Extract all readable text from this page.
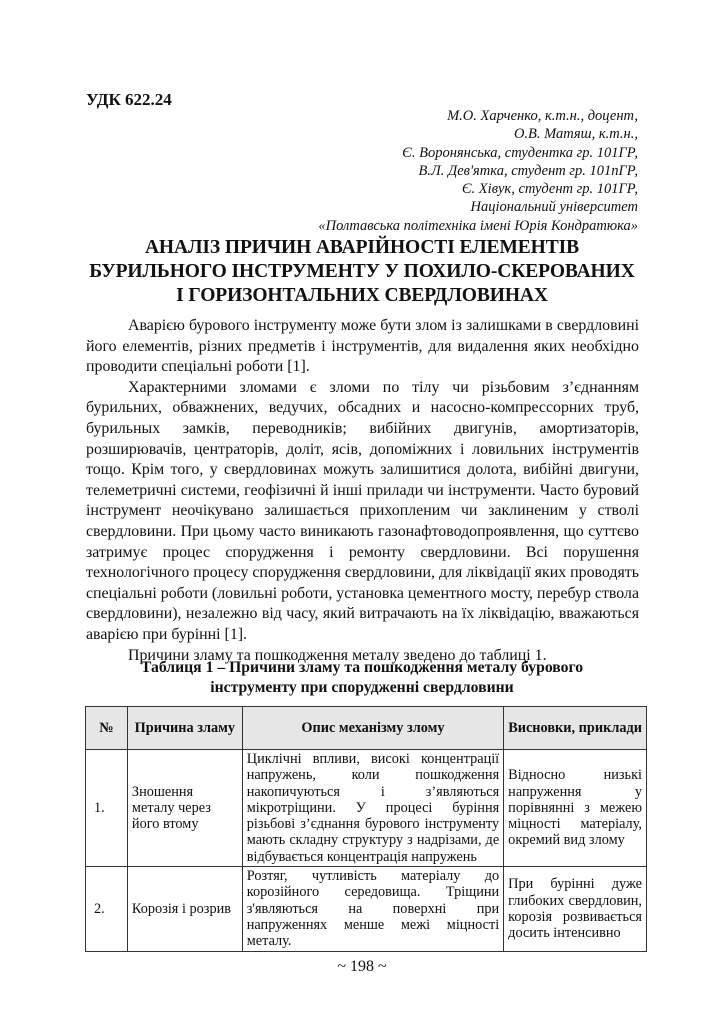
УДК 622.24
М.О. Харченко, к.т.н., доцент,
О.В. Матяш, к.т.н.,
Є. Воронянська, студентка гр. 101ГР,
В.Л. Дев'ятка, студент гр. 101пГР,
Є. Хівук, студент гр. 101ГР,
Національний університет
«Полтавська політехніка імені Юрія Кондратюка»
АНАЛІЗ ПРИЧИН АВАРІЙНОСТІ ЕЛЕМЕНТІВ БУРИЛЬНОГО ІНСТРУМЕНТУ У ПОХИЛО-СКЕРОВАНИХ І ГОРИЗОНТАЛЬНИХ СВЕРДЛОВИНАХ

Аварією бурового інструменту може бути злом із залишками в свердловині його елементів, різних предметів і інструментів, для видалення яких необхідно проводити спеціальні роботи [1].

Характерними зломами є зломи по тілу чи різьбовим з’єднанням бурильних, обважнених, ведучих, обсадних и насосно-компрессорних труб, бурильных замків, переводників; вибійних двигунів, амортизаторів, розширювачів, центраторів, доліт, ясів, допоміжних і ловильних інструментів тощо. Крім того, у свердловинах можуть залишитися долота, вибійні двигуни, телеметричні системи, геофізичні й інші прилади чи інструменти. Часто буровий інструмент неочікувано залишається прихопленим чи заклиненим у стволі свердловини. При цьому часто виникають газонафтоводопроявлення, що суттєво затримує процес спорудження і ремонту свердловини. Всі порушення технологічного процесу спорудження свердловини, для ліквідації яких проводять спеціальні роботи (ловильні роботи, установка цементного мосту, перебур ствола свердловини), незалежно від часу, який витрачають на їх ліквідацію, вважаються аварією при бурінні [1].

Причини зламу та пошкодження металу зведено до таблиці 1.

Таблиця 1 – Причини зламу та пошкодження металу бурового
інструменту при спорудженні свердловини
№	Причина зламу	Опис механізму злому	Висновки, приклади
1.	Зношення металу через його втому	Циклічні впливи, високі концентрації напружень, коли пошкодження накопичуються і з’являються мікротріщини. У процесі буріння різьбові з’єднання бурового інструменту мають складну структуру з надрізами, де відбувається концентрація напружень	Відносно низькі напруження у порівнянні з межею міцності матеріалу, окремий вид злому
2.	Корозія і розрив	Розтяг, чутливість матеріалу до корозійного середовища. Тріщини з'являються на поверхні при напруженнях менше межі міцності металу.	При бурінні дуже глибоких свердловин, корозія розвивається досить інтенсивно
~ 198 ~
